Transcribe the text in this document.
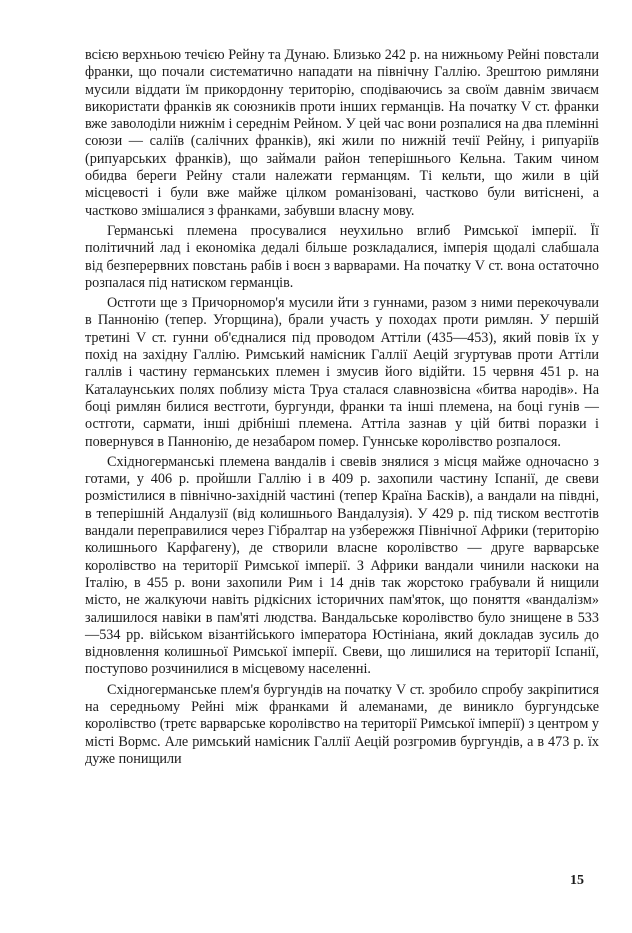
всією верхньою течією Рейну та Дунаю. Близько 242 р. на нижньому Рейні повстали франки, що почали систематично нападати на північну Галлію. Зрештою римляни мусили віддати їм прикордонну територію, сподіваючись за своїм давнім звичаєм використати франків як союзників проти інших германців. На початку V ст. франки вже заволоділи нижнім і середнім Рейном. У цей час вони розпалися на два племінні союзи — саліїв (салічних франків), які жили по нижній течії Рейну, і рипуаріїв (рипуарських франків), що займали район теперішнього Кельна. Таким чином обидва береги Рейну стали належати германцям. Ті кельти, що жили в цій місцевості і були вже майже цілком романізовані, частково були витіснені, а частково змішалися з франками, забувши власну мову.

Германські племена просувалися неухильно вглиб Римської імперії. Її політичний лад і економіка дедалі більше розкладалися, імперія щодалі слабшала від безперервних повстань рабів і воєн з варварами. На початку V ст. вона остаточно розпалася під натиском германців.

Остготи ще з Причорномор'я мусили йти з гуннами, разом з ними перекочували в Паннонію (тепер. Угорщина), брали участь у походах проти римлян. У першій третині V ст. гунни об'єдналися під проводом Аттіли (435—453), який повів їх у похід на західну Галлію. Римський намісник Галлії Аецій згуртував проти Аттіли галлів і частину германських племен і змусив його відійти. 15 червня 451 р. на Каталаунських полях поблизу міста Труа сталася славнозвісна «битва народів». На боці римлян билися вестготи, бургунди, франки та інші племена, на боці гунів — остготи, сармати, інші дрібніші племена. Аттіла зазнав у цій битві поразки і повернувся в Паннонію, де незабаром помер. Гуннське королівство розпалося.

Східногерманські племена вандалів і свевів знялися з місця майже одночасно з готами, у 406 р. пройшли Галлію і в 409 р. захопили частину Іспанії, де свеви розмістилися в північно-західній частині (тепер Країна Басків), а вандали на півдні, в теперішній Андалузії (від колишнього Вандалузія). У 429 р. під тиском вестготів вандали переправилися через Гібралтар на узбережжя Північної Африки (територію колишнього Карфагену), де створили власне королівство — друге варварське королівство на території Римської імперії. З Африки вандали чинили наскоки на Італію, в 455 р. вони захопили Рим і 14 днів так жорстоко грабували й нищили місто, не жалкуючи навіть рідкісних історичних пам'яток, що поняття «вандалізм» залишилося навіки в пам'яті людства. Вандальське королівство було знищене в 533—534 рр. військом візантійського імператора Юстініана, який докладав зусиль до відновлення колишньої Римської імперії. Свеви, що лишилися на території Іспанії, поступово розчинилися в місцевому населенні.

Східногерманське плем'я бургундів на початку V ст. зробило спробу закріпитися на середньому Рейні між франками й алеманами, де виникло бургундське королівство (третє варварське королівство на території Римської імперії) з центром у місті Вормс. Але римський намісник Галлії Аецій розгромив бургундів, а в 473 р. їх дуже понищили

15
